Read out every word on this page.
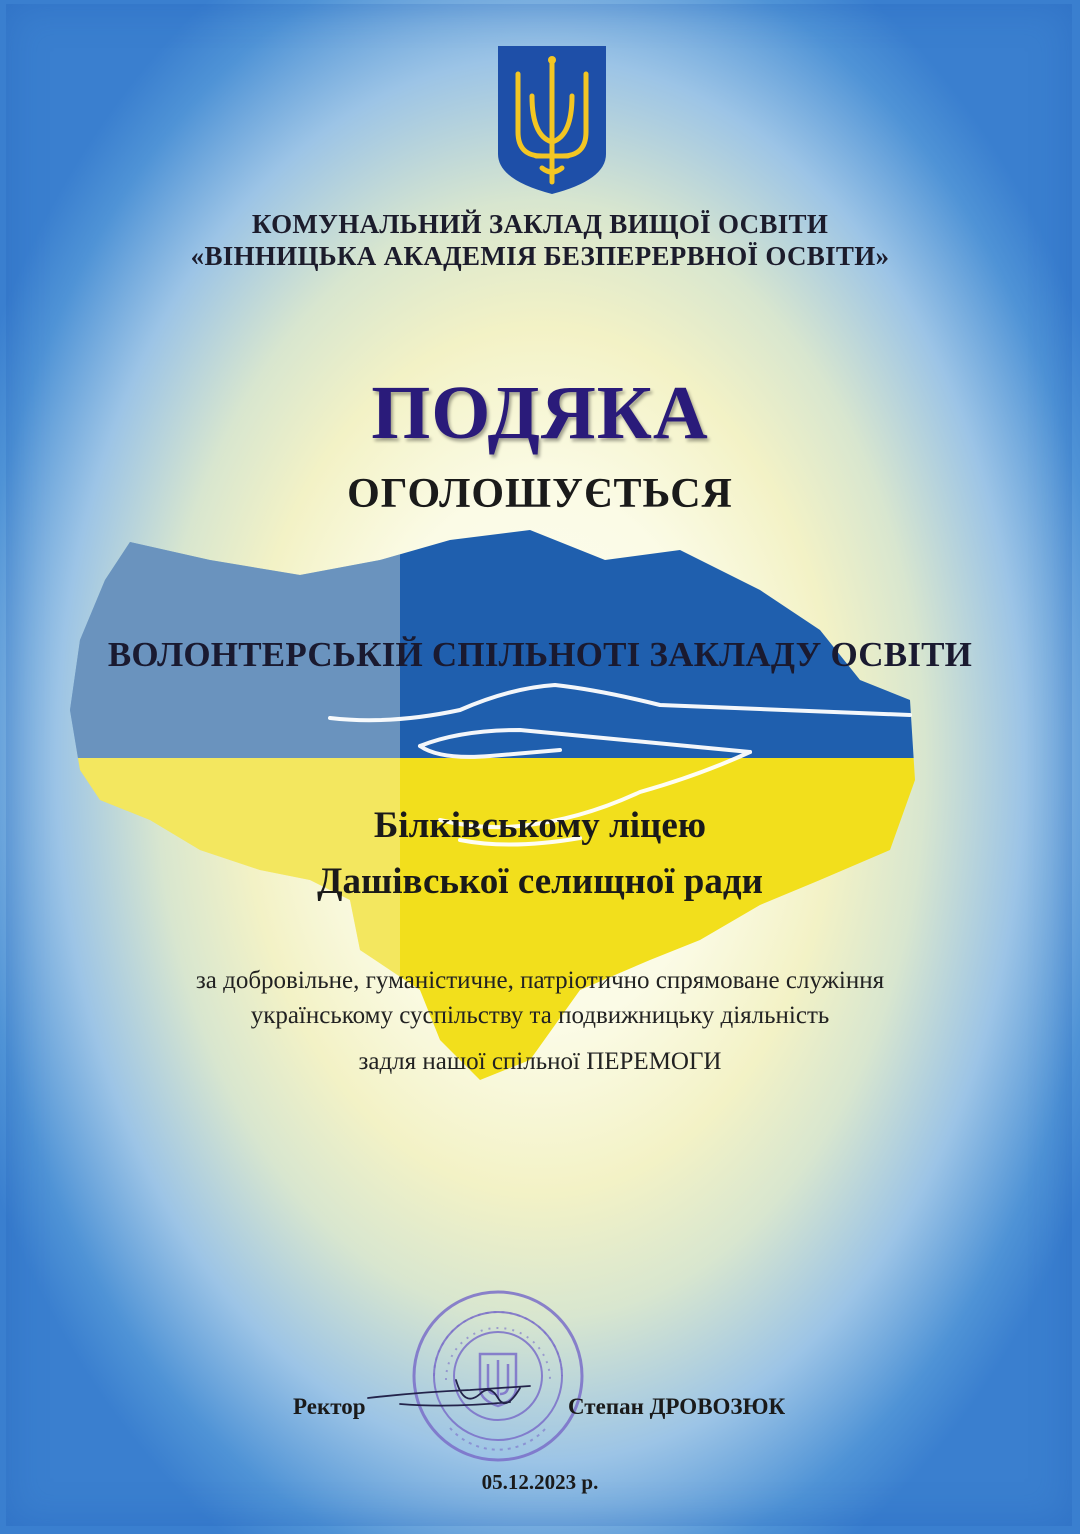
КОМУНАЛЬНИЙ ЗАКЛАД ВИЩОЇ ОСВІТИ
«ВІННИЦЬКА АКАДЕМІЯ БЕЗПЕРЕРВНОЇ ОСВІТИ»
ПОДЯКА
ОГОЛОШУЄТЬСЯ
ВОЛОНТЕРСЬКІЙ СПІЛЬНОТІ ЗАКЛАДУ ОСВІТИ
Білківському ліцею
Дашівської селищної ради
за добровільне, гуманістичне, патріотично спрямоване служіння
українському суспільству та подвижницьку діяльність
задля нашої спільної ПЕРЕМОГИ
Ректор	Степан ДРОВОЗЮК
05.12.2023 р.
